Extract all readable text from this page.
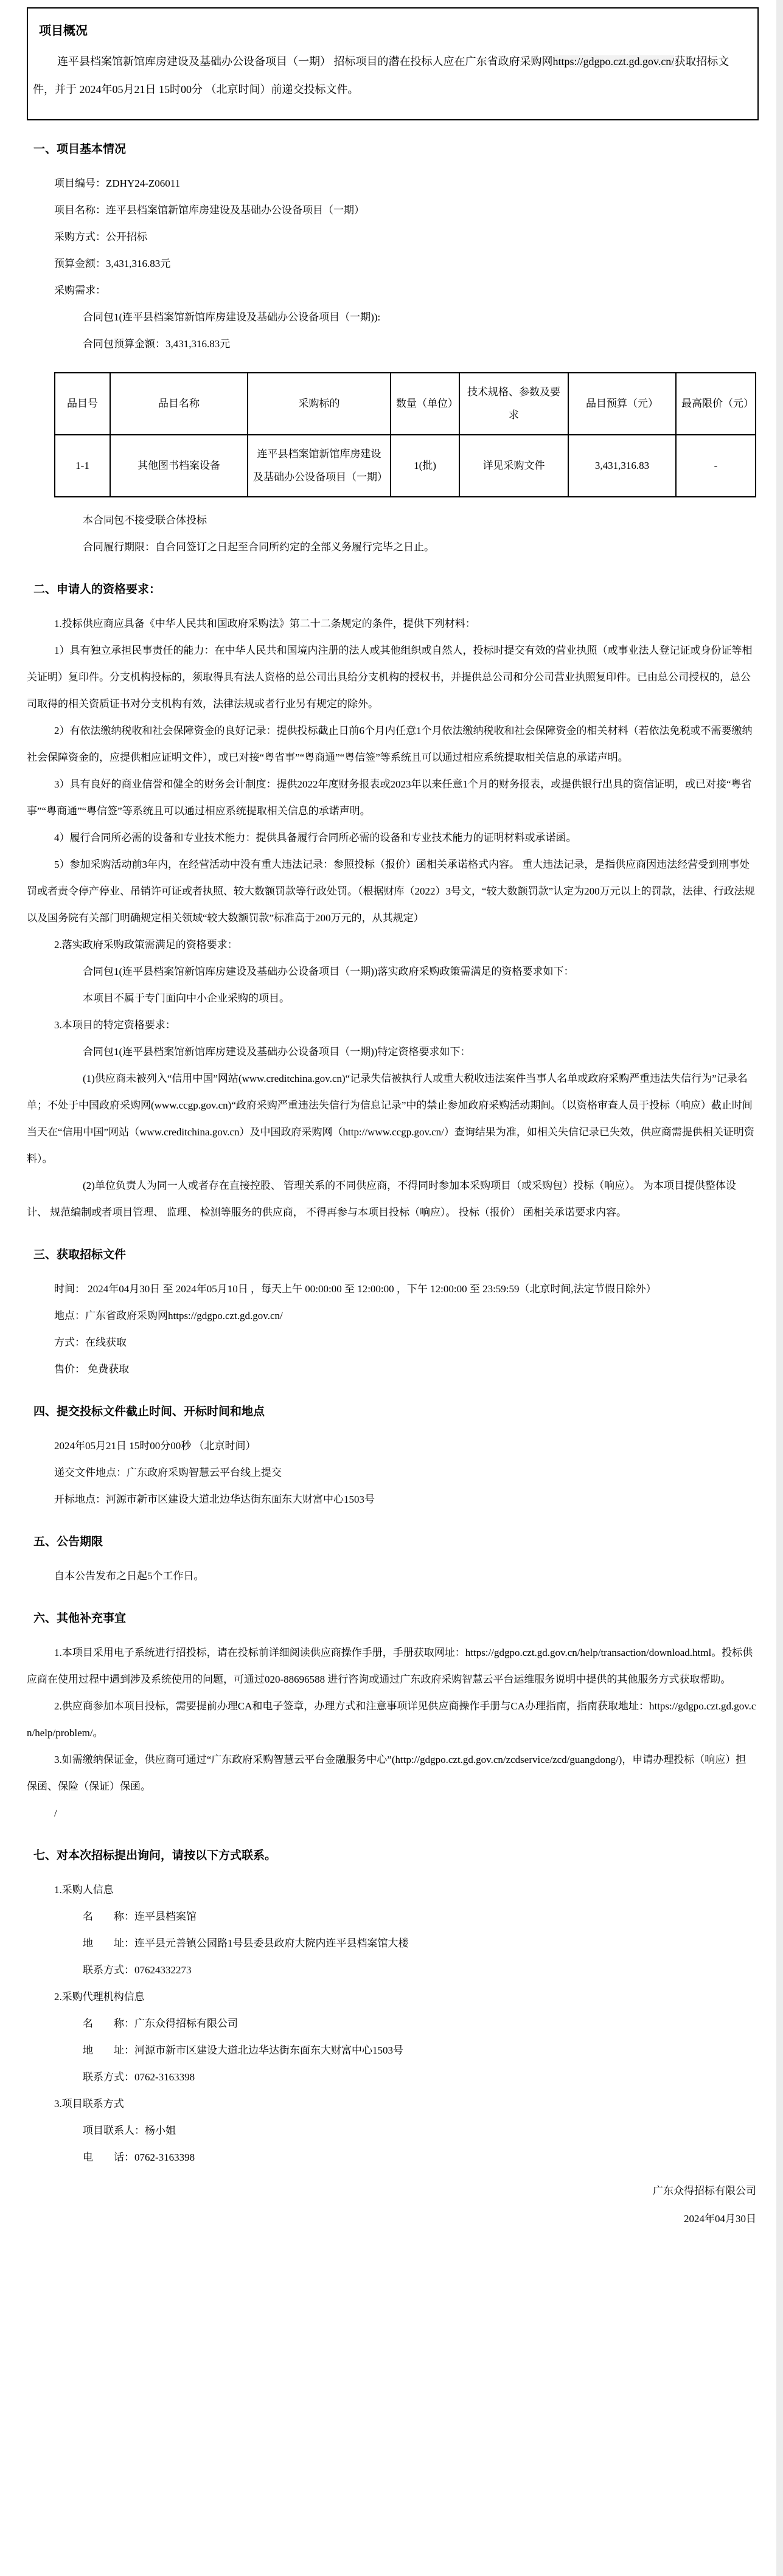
项目概况

连平县档案馆新馆库房建设及基础办公设备项目（一期） 招标项目的潜在投标人应在广东省政府采购网https://gdgpo.czt.gd.gov.cn/获取招标文件，并于 2024年05月21日 15时00分 （北京时间）前递交投标文件。

一、项目基本情况

项目编号：ZDHY24-Z06011

项目名称：连平县档案馆新馆库房建设及基础办公设备项目（一期）

采购方式：公开招标

预算金额：3,431,316.83元

采购需求：

合同包1(连平县档案馆新馆库房建设及基础办公设备项目（一期)):

合同包预算金额：3,431,316.83元

品目号	品目名称	采购标的	数量（单位）	技术规格、参数及要求	品目预算（元）	最高限价（元）
1-1	其他图书档案设备	连平县档案馆新馆库房建设及基础办公设备项目（一期）	1(批)	详见采购文件	3,431,316.83	-

本合同包不接受联合体投标

合同履行期限：自合同签订之日起至合同所约定的全部义务履行完毕之日止。

二、申请人的资格要求：

1.投标供应商应具备《中华人民共和国政府采购法》第二十二条规定的条件，提供下列材料：

1）具有独立承担民事责任的能力：在中华人民共和国境内注册的法人或其他组织或自然人，投标时提交有效的营业执照（或事业法人登记证或身份证等相关证明）复印件。分支机构投标的，须取得具有法人资格的总公司出具给分支机构的授权书，并提供总公司和分公司营业执照复印件。已由总公司授权的，总公司取得的相关资质证书对分支机构有效，法律法规或者行业另有规定的除外。

2）有依法缴纳税收和社会保障资金的良好记录：提供投标截止日前6个月内任意1个月依法缴纳税收和社会保障资金的相关材料（若依法免税或不需要缴纳社会保障资金的，应提供相应证明文件），或已对接“粤省事”“粤商通”“粤信签”等系统且可以通过相应系统提取相关信息的承诺声明。

3）具有良好的商业信誉和健全的财务会计制度：提供2022年度财务报表或2023年以来任意1个月的财务报表，或提供银行出具的资信证明，或已对接“粤省事”“粤商通”“粤信签”等系统且可以通过相应系统提取相关信息的承诺声明。

4）履行合同所必需的设备和专业技术能力：提供具备履行合同所必需的设备和专业技术能力的证明材料或承诺函。

5）参加采购活动前3年内，在经营活动中没有重大违法记录：参照投标（报价）函相关承诺格式内容。 重大违法记录，是指供应商因违法经营受到刑事处罚或者责令停产停业、吊销许可证或者执照、较大数额罚款等行政处罚。（根据财库（2022）3号文，“较大数额罚款”认定为200万元以上的罚款，法律、行政法规以及国务院有关部门明确规定相关领域“较大数额罚款”标准高于200万元的，从其规定）

2.落实政府采购政策需满足的资格要求：

合同包1(连平县档案馆新馆库房建设及基础办公设备项目（一期))落实政府采购政策需满足的资格要求如下：

本项目不属于专门面向中小企业采购的项目。

3.本项目的特定资格要求：

合同包1(连平县档案馆新馆库房建设及基础办公设备项目（一期))特定资格要求如下：

(1)供应商未被列入“信用中国”网站(www.creditchina.gov.cn)“记录失信被执行人或重大税收违法案件当事人名单或政府采购严重违法失信行为”记录名单；不处于中国政府采购网(www.ccgp.gov.cn)“政府采购严重违法失信行为信息记录”中的禁止参加政府采购活动期间。（以资格审查人员于投标（响应）截止时间当天在“信用中国”网站（www.creditchina.gov.cn）及中国政府采购网（http://www.ccgp.gov.cn/）查询结果为准，如相关失信记录已失效，供应商需提供相关证明资料）。

(2)单位负责人为同一人或者存在直接控股、 管理关系的不同供应商，不得同时参加本采购项目（或采购包）投标（响应）。 为本项目提供整体设计、 规范编制或者项目管理、 监理、 检测等服务的供应商， 不得再参与本项目投标（响应）。 投标（报价） 函相关承诺要求内容。

三、获取招标文件

时间： 2024年04月30日 至 2024年05月10日 ，每天上午 00:00:00 至 12:00:00 ，下午 12:00:00 至 23:59:59（北京时间,法定节假日除外）

地点：广东省政府采购网https://gdgpo.czt.gd.gov.cn/

方式：在线获取

售价： 免费获取

四、提交投标文件截止时间、开标时间和地点

2024年05月21日 15时00分00秒 （北京时间）

递交文件地点：广东政府采购智慧云平台线上提交

开标地点：河源市新市区建设大道北边华达街东面东大财富中心1503号

五、公告期限

自本公告发布之日起5个工作日。

六、其他补充事宜

1.本项目采用电子系统进行招投标，请在投标前详细阅读供应商操作手册，手册获取网址：https://gdgpo.czt.gd.gov.cn/help/transaction/download.html。投标供应商在使用过程中遇到涉及系统使用的问题，可通过020-88696588 进行咨询或通过广东政府采购智慧云平台运维服务说明中提供的其他服务方式获取帮助。

2.供应商参加本项目投标，需要提前办理CA和电子签章，办理方式和注意事项详见供应商操作手册与CA办理指南，指南获取地址：https://gdgpo.czt.gd.gov.cn/help/problem/。

3.如需缴纳保证金，供应商可通过“广东政府采购智慧云平台金融服务中心”(http://gdgpo.czt.gd.gov.cn/zcdservice/zcd/guangdong/)，申请办理投标（响应）担保函、保险（保证）保函。

/

七、对本次招标提出询问，请按以下方式联系。

1.采购人信息

名　　称：连平县档案馆

地　　址：连平县元善镇公园路1号县委县政府大院内连平县档案馆大楼

联系方式：07624332273

2.采购代理机构信息

名　　称：广东众得招标有限公司

地　　址：河源市新市区建设大道北边华达街东面东大财富中心1503号

联系方式：0762-3163398

3.项目联系方式

项目联系人：杨小姐

电　　话：0762-3163398

广东众得招标有限公司

2024年04月30日
